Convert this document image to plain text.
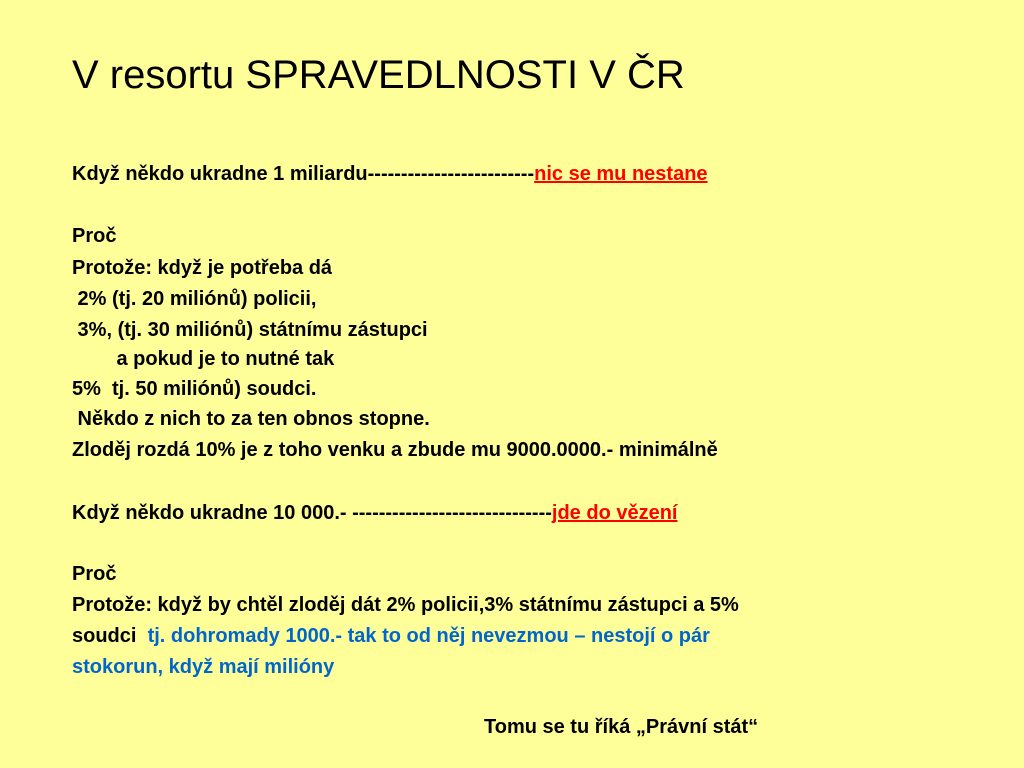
V resortu SPRAVEDLNOSTI V ČR

Když někdo ukradne 1 miliardu-------------------------nic se mu nestane

Proč

Protože: když je potřeba dá

2% (tj. 20 miliónů) policii,

3%, (tj. 30 miliónů) státnímu zástupci

a pokud je to nutné tak

5%  tj. 50 miliónů) soudci.

Někdo z nich to za ten obnos stopne.

Zloděj rozdá 10% je z toho venku a zbude mu 9000.0000.- minimálně

Když někdo ukradne 10 000.- ------------------------------jde do vězení

Proč

Protože: když by chtěl zloděj dát 2% policii,3% státnímu zástupci a 5%

soudci  tj. dohromady 1000.- tak to od něj nevezmou – nestojí o pár

stokorun, když mají milióny

Tomu se tu říká „Právní stát“
